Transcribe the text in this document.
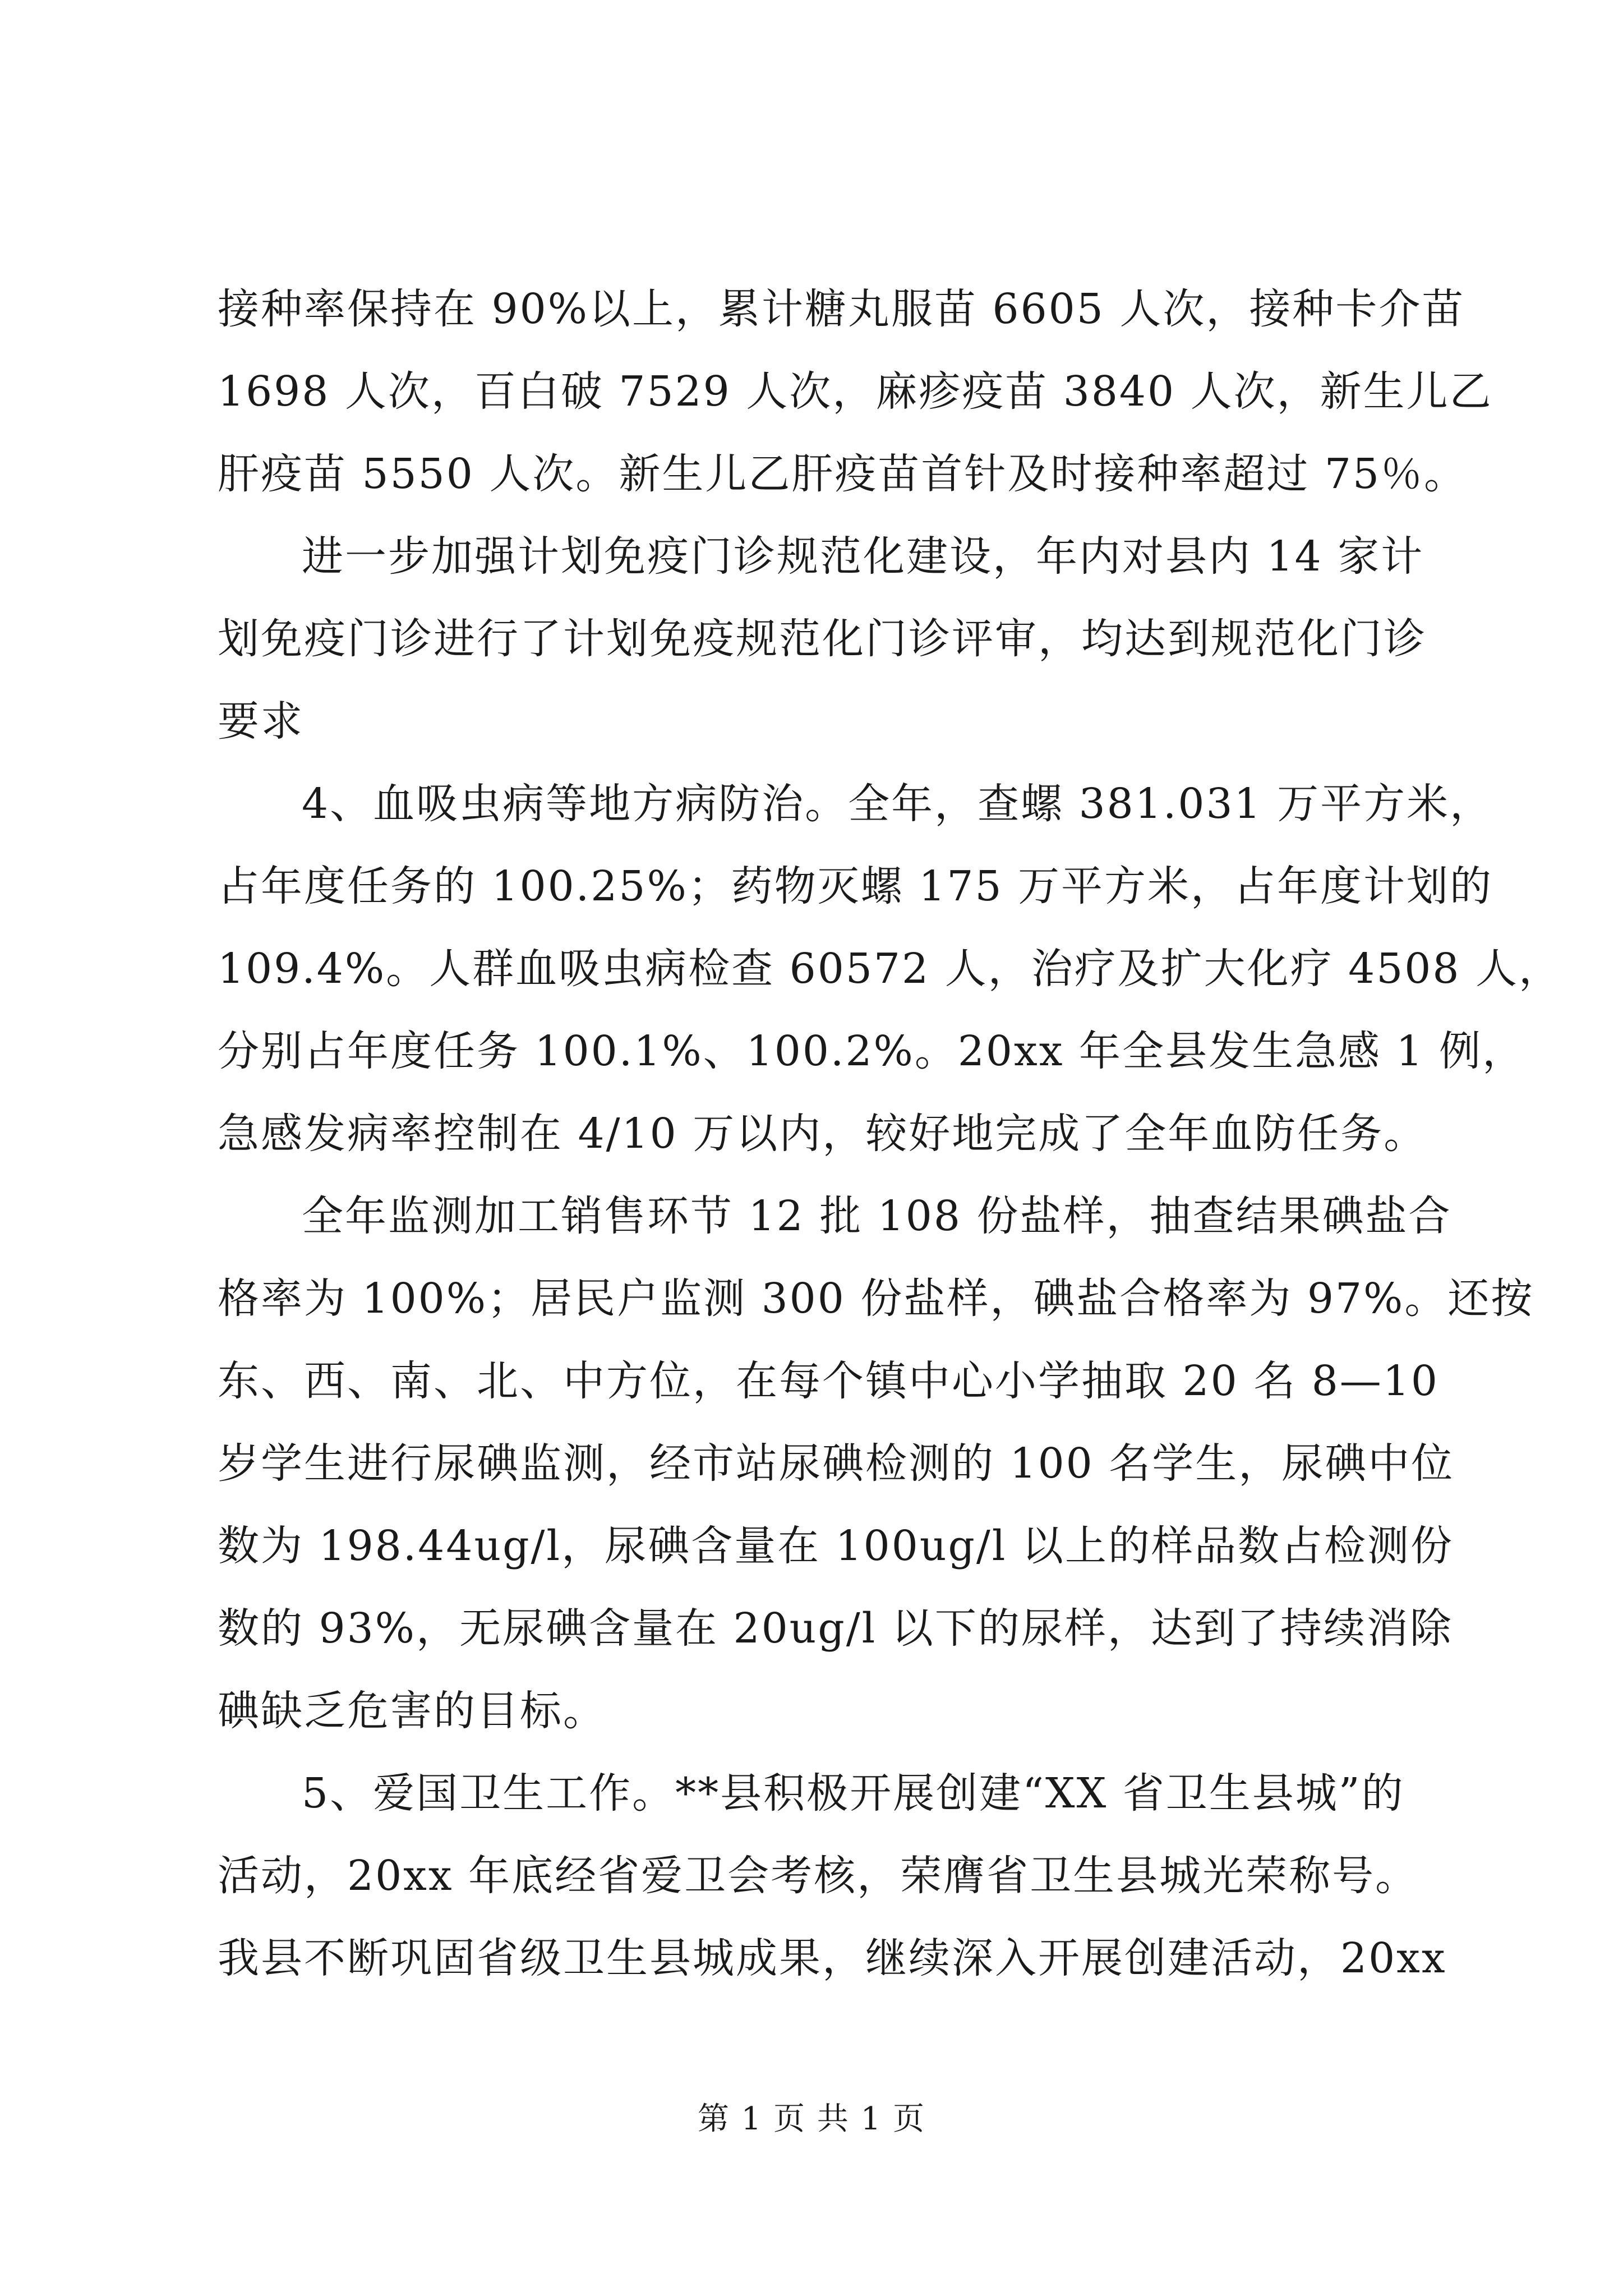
接种率保持在 90%以上，累计糖丸服苗 6605 人次，接种卡介苗
1698 人次，百白破 7529 人次，麻疹疫苗 3840 人次，新生儿乙
肝疫苗 5550 人次。新生儿乙肝疫苗首针及时接种率超过 75％。
进一步加强计划免疫门诊规范化建设，年内对县内 14 家计
划免疫门诊进行了计划免疫规范化门诊评审，均达到规范化门诊
要求
4、血吸虫病等地方病防治。全年，查螺 381.031 万平方米，
占年度任务的 100.25%；药物灭螺 175 万平方米，占年度计划的
109.4%。人群血吸虫病检查 60572 人，治疗及扩大化疗 4508 人，
分别占年度任务 100.1%、100.2%。20xx 年全县发生急感 1 例，
急感发病率控制在 4/10 万以内，较好地完成了全年血防任务。
全年监测加工销售环节 12 批 108 份盐样，抽查结果碘盐合
格率为 100%；居民户监测 300 份盐样，碘盐合格率为 97%。还按
东、西、南、北、中方位，在每个镇中心小学抽取 20 名 8—10
岁学生进行尿碘监测，经市站尿碘检测的 100 名学生，尿碘中位
数为 198.44ug/l，尿碘含量在 100ug/l 以上的样品数占检测份
数的 93%，无尿碘含量在 20ug/l 以下的尿样，达到了持续消除
碘缺乏危害的目标。
5、爱国卫生工作。**县积极开展创建“XX 省卫生县城”的
活动，20xx 年底经省爱卫会考核，荣膺省卫生县城光荣称号。
我县不断巩固省级卫生县城成果，继续深入开展创建活动，20xx
第 1 页 共 1 页
